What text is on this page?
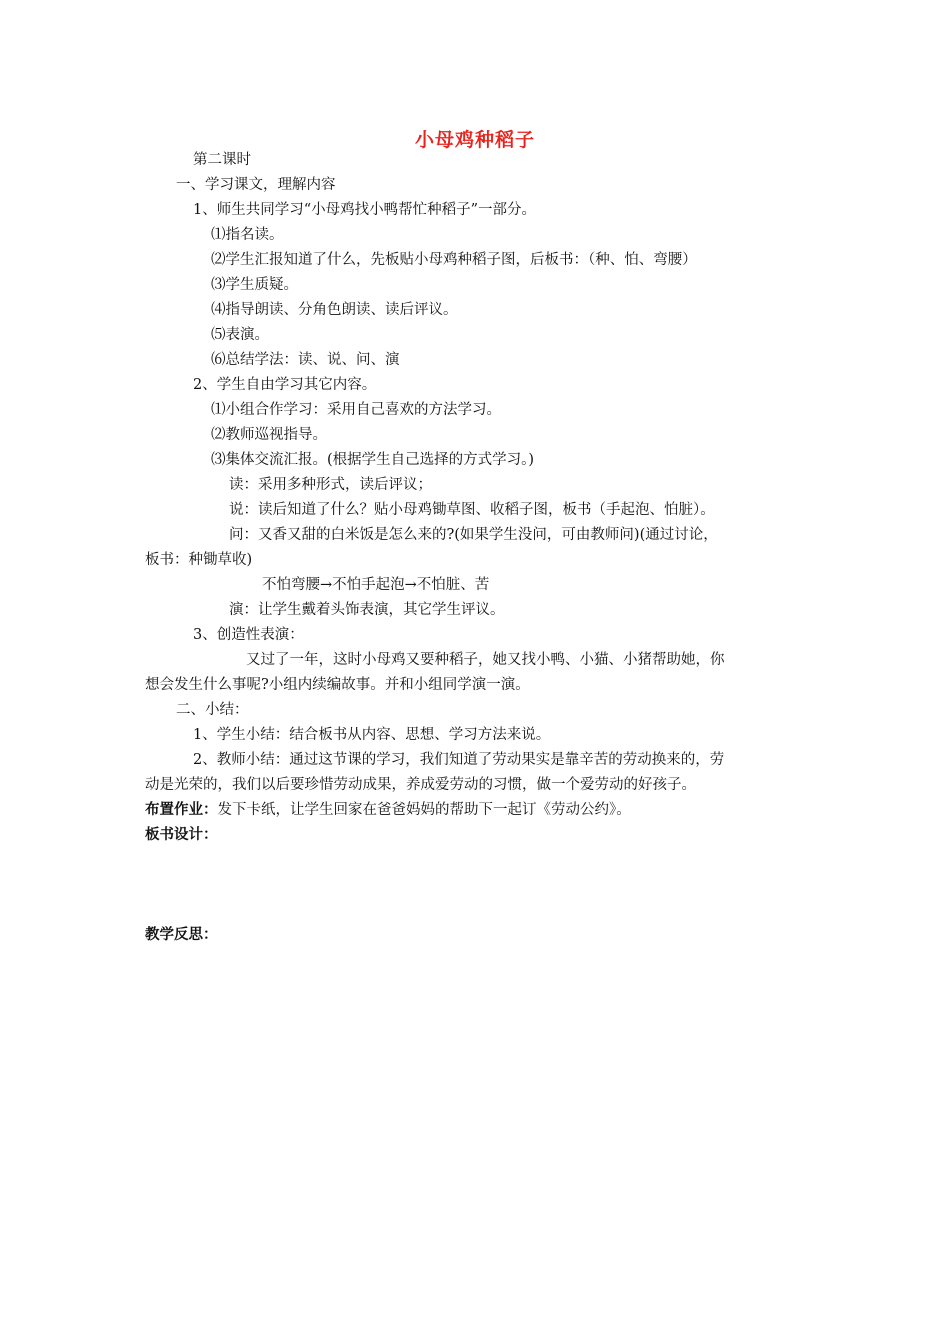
小母鸡种稻子
第二课时
一、学习课文，理解内容
1、师生共同学习“小母鸡找小鸭帮忙种稻子”一部分。
⑴指名读。
⑵学生汇报知道了什么，先板贴小母鸡种稻子图，后板书：（种、怕、弯腰）
⑶学生质疑。
⑷指导朗读、分角色朗读、读后评议。
⑸表演。
⑹总结学法：读、说、问、演
2、学生自由学习其它内容。
⑴小组合作学习：采用自己喜欢的方法学习。
⑵教师巡视指导。
⑶集体交流汇报。(根据学生自己选择的方式学习。)
读：采用多种形式，读后评议；
说：读后知道了什么？贴小母鸡锄草图、收稻子图，板书（手起泡、怕脏）。
问：又香又甜的白米饭是怎么来的?(如果学生没问，可由教师问)(通过讨论，
板书：种锄草收)
不怕弯腰→不怕手起泡→不怕脏、苦
演：让学生戴着头饰表演，其它学生评议。
3、创造性表演：
又过了一年，这时小母鸡又要种稻子，她又找小鸭、小猫、小猪帮助她，你
想会发生什么事呢?小组内续编故事。并和小组同学演一演。
二、小结：
1、学生小结：结合板书从内容、思想、学习方法来说。
2、教师小结：通过这节课的学习，我们知道了劳动果实是靠辛苦的劳动换来的，劳
动是光荣的，我们以后要珍惜劳动成果，养成爱劳动的习惯，做一个爱劳动的好孩子。
布置作业：发下卡纸，让学生回家在爸爸妈妈的帮助下一起订《劳动公约》。
板书设计：
教学反思：
